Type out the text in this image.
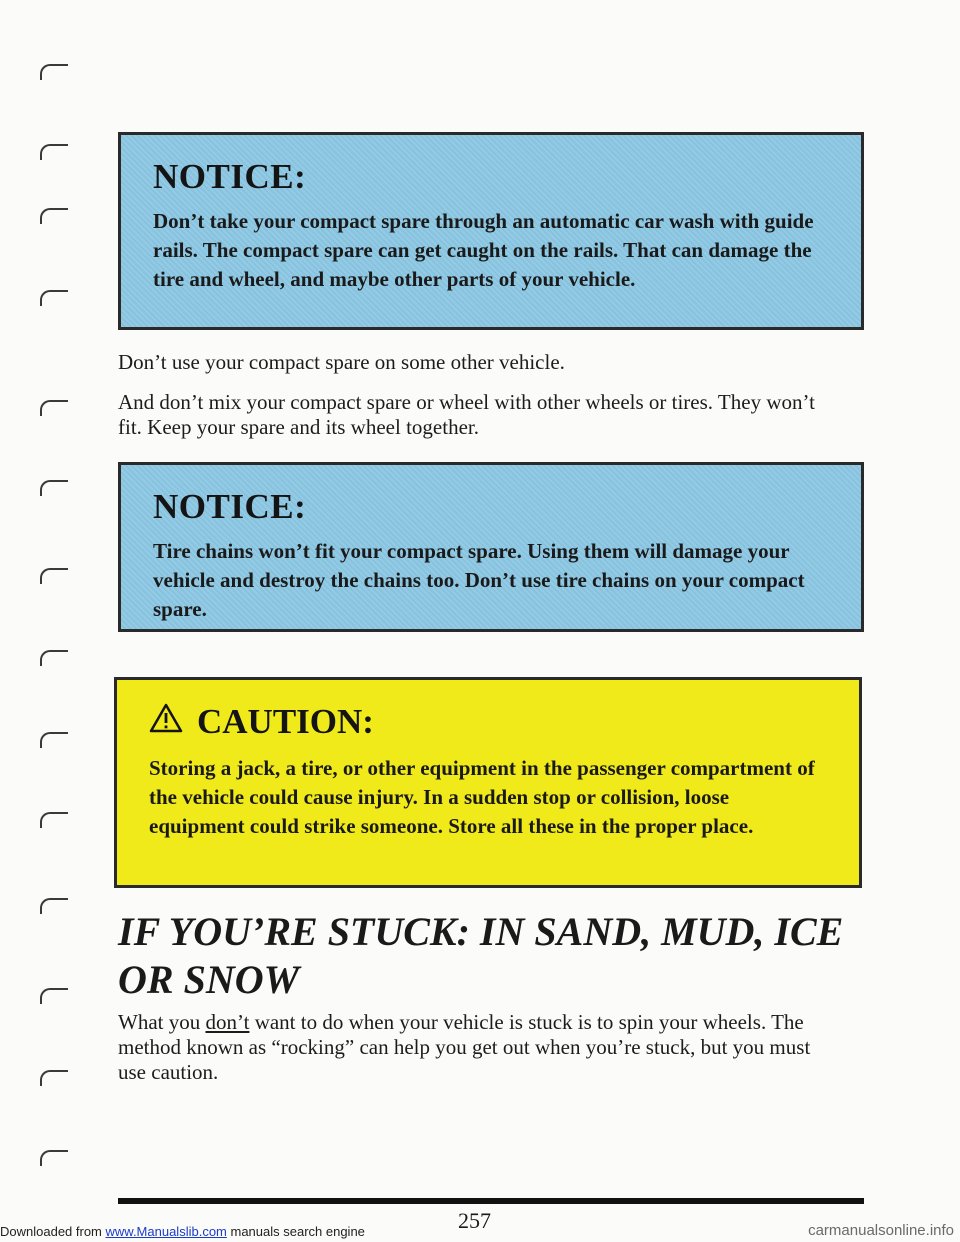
NOTICE:

Don’t take your compact spare through an automatic car wash with guide rails. The compact spare can get caught on the rails. That can damage the tire and wheel, and maybe other parts of your vehicle.

Don’t use your compact spare on some other vehicle.
And don’t mix your compact spare or wheel with other wheels or tires. They won’t fit. Keep your spare and its wheel together.
NOTICE:

Tire chains won’t fit your compact spare. Using them will damage your vehicle and destroy the chains too. Don’t use tire chains on your compact spare.

CAUTION:

Storing a jack, a tire, or other equipment in the passenger compartment of the vehicle could cause injury. In a sudden stop or collision, loose equipment could strike someone. Store all these in the proper place.

IF YOU’RE STUCK: IN SAND, MUD, ICE OR SNOW
What you don’t want to do when your vehicle is stuck is to spin your wheels. The method known as “rocking” can help you get out when you’re stuck, but you must use caution.
257
Downloaded from www.Manualslib.com manuals search engine	carmanualsonline.info
